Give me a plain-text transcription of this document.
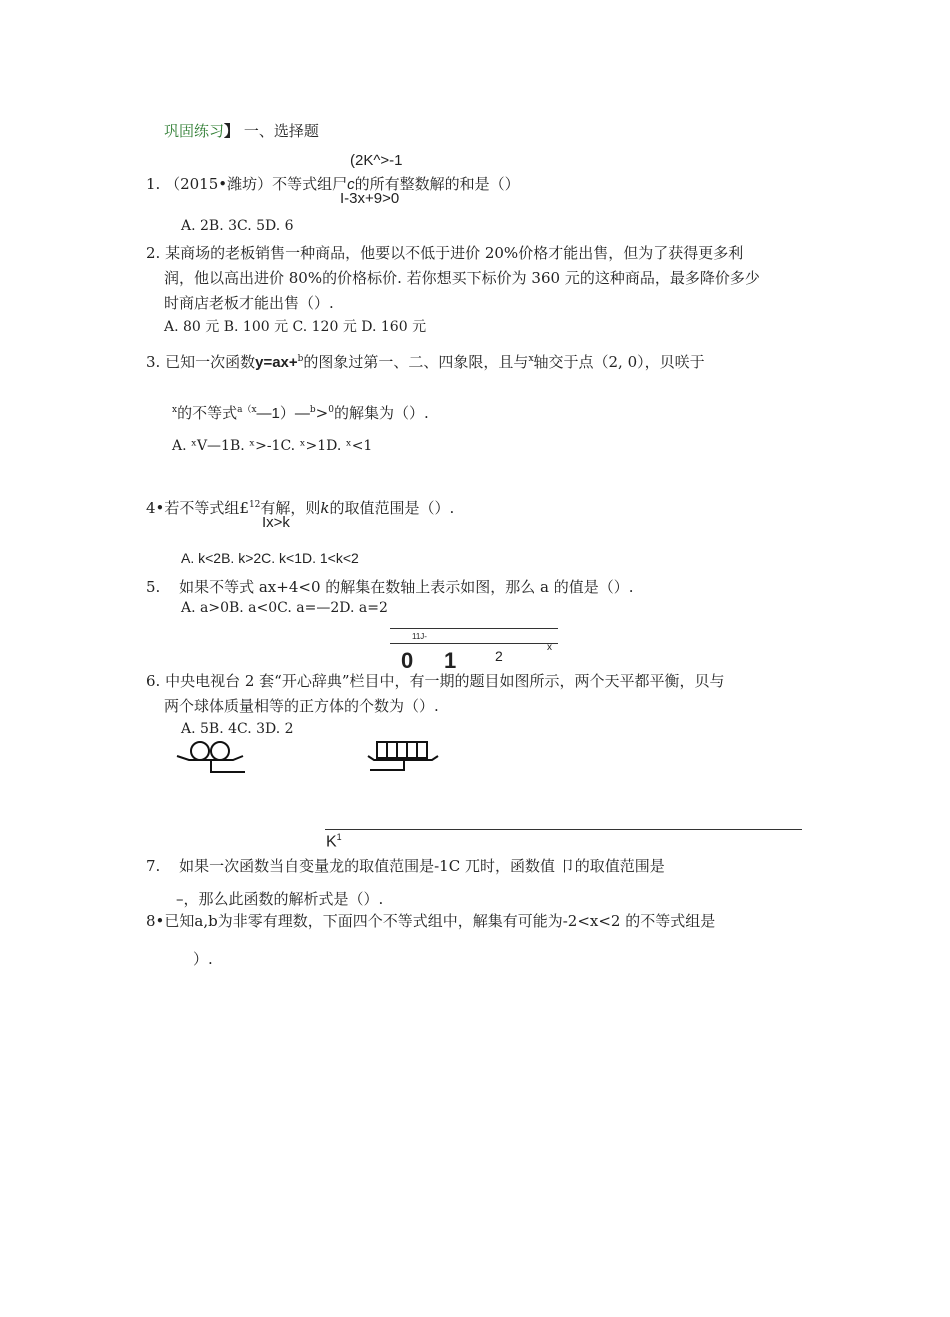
巩固练习】 一、选择题
(2K^>-1
1. （2015•潍坊）不等式组尸c的所有整数解的和是（）
I-3x+9>0
A. 2B. 3C. 5D. 6
2. 某商场的老板销售一种商品，他要以不低于进价 20%价格才能出售，但为了获得更多利
润，他以高出进价 80%的价格标价. 若你想买下标价为 360 元的这种商品，最多降价多少
时商店老板才能出售（）.
A. 80 元 B. 100 元 C. 120 元 D. 160 元
3. 已知一次函数y=ax+$^b$的图象过第一、二、四象限，且与$^x$轴交于点（2, 0），贝咲于
$^x$的不等式$^{a(x}$—1）—$^b$>$^0$的解集为（）.
A. ˣV—1B. ˣ>-1C. ˣ>1D. ˣ<1
4•若不等式组£$^{12}$有解，则k的取值范围是（）.
Ix>k
A. k<2B. k>2C. k<1D. 1<k<2
5. 如果不等式 ax+4<0 的解集在数轴上表示如图，那么 a 的值是（）.
A. a>0B. a<0C. a=—2D. a=2
11J-
x
0 1	2
6. 中央电视台 2 套“开心辞典”栏目中，有一期的题目如图所示，两个天平都平衡，贝与
两个球体质量相等的正方体的个数为（）.
A. 5B. 4C. 3D. 2
$K^1$
7. 如果一次函数当自变量龙的取值范围是-1C 兀时，函数值 卩的取值范围是
–，那么此函数的解析式是（）.
8•已知a,b为非零有理数，下面四个不等式组中，解集有可能为-2<x<2 的不等式组是
）.
